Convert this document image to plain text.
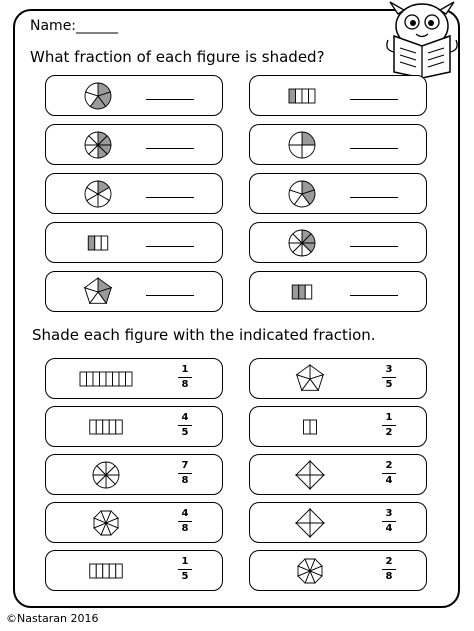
Name:______
What fraction of each figure is shaded?
Shade each figure with the indicated fraction.
©Nastaran 2016
1
8
3
5
4
5
1
2
7
8
2
4
4
8
3
4
1
5
2
8
